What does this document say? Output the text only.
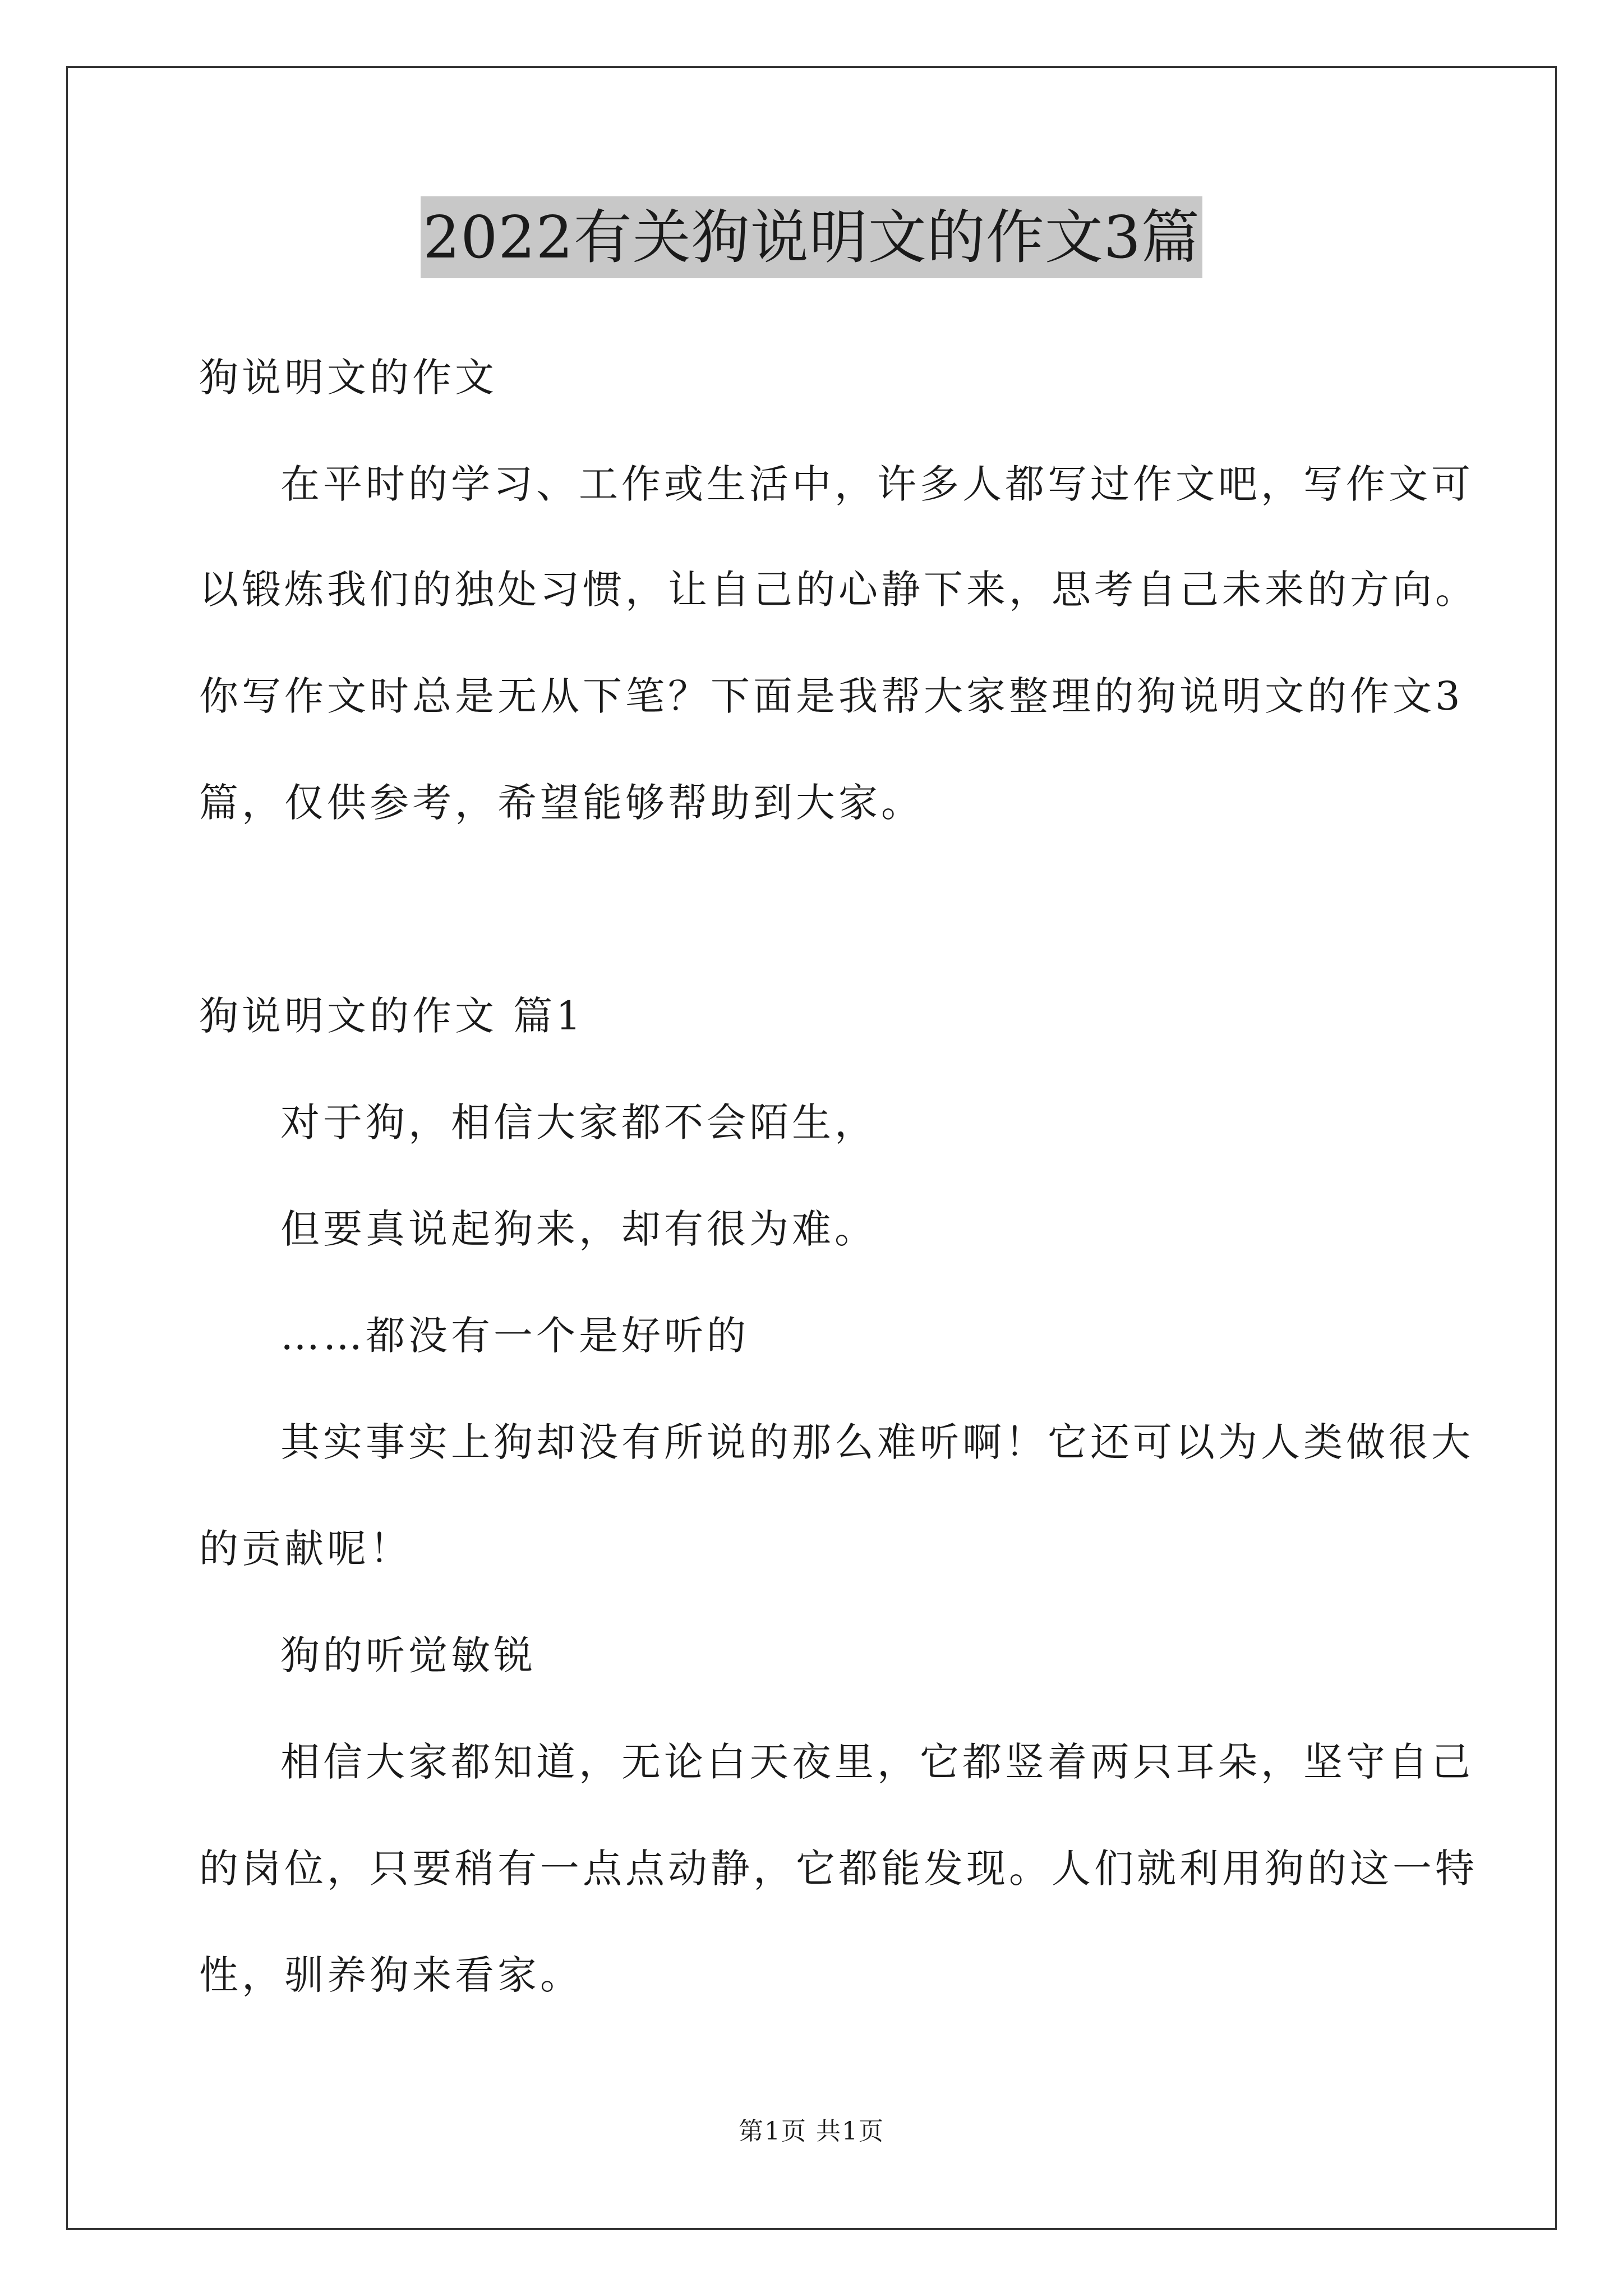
2022有关狗说明文的作文3篇
狗说明文的作文
在平时的学习、工作或生活中，许多人都写过作文吧，写作文可
以锻炼我们的独处习惯，让自己的心静下来，思考自己未来的方向。
你写作文时总是无从下笔？下面是我帮大家整理的狗说明文的作文3
篇，仅供参考，希望能够帮助到大家。
狗说明文的作文 篇1
对于狗，相信大家都不会陌生，
但要真说起狗来，却有很为难。
……都没有一个是好听的
其实事实上狗却没有所说的那么难听啊！它还可以为人类做很大
的贡献呢！
狗的听觉敏锐
相信大家都知道，无论白天夜里，它都竖着两只耳朵，坚守自己
的岗位，只要稍有一点点动静，它都能发现。人们就利用狗的这一特
性，驯养狗来看家。
第1页 共1页
